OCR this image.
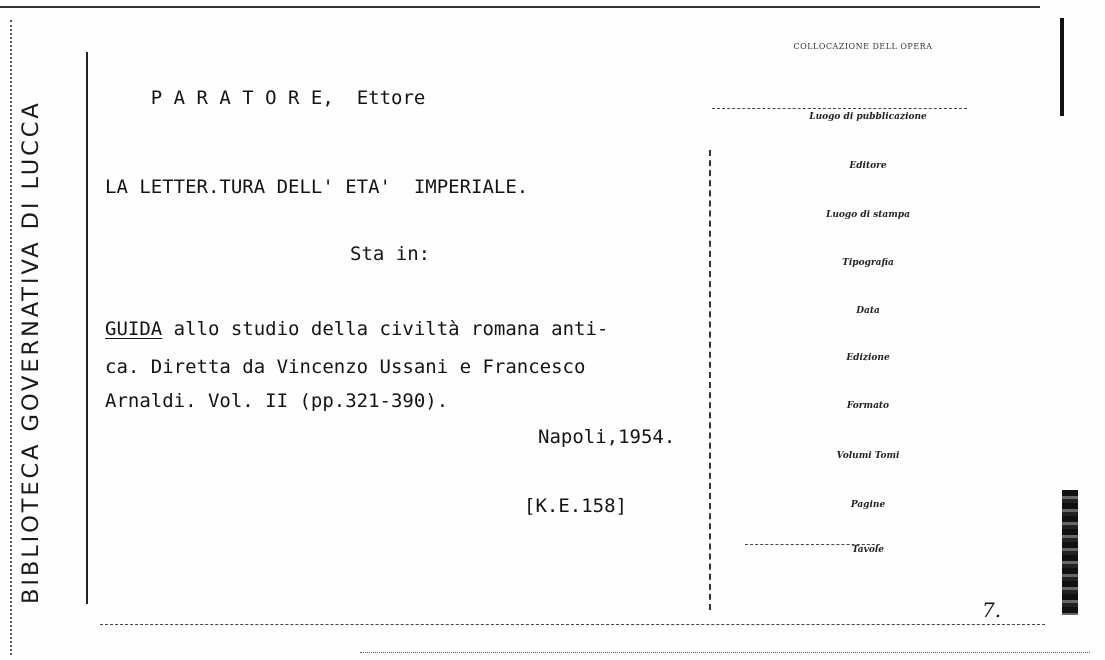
BIBLIOTECA GOVERNATIVA DI LUCCA

P A R A T O R E, Ettore

LA LETTER.TURA DELL' ETA'  IMPERIALE.
Sta in:
GUIDA allo studio della civiltà romana anti-
ca. Diretta da Vincenzo Ussani e Francesco
Arnaldi. Vol. II (pp.321-390).
Napoli,1954.
[K.E.158]
COLLOCAZIONE DELL OPERA
Luogo di pubblicazione
Editore
Luogo di stampa
Tipografia
Data
Edizione
Formato
Volumi Tomi
Pagine
Tavole
7.
